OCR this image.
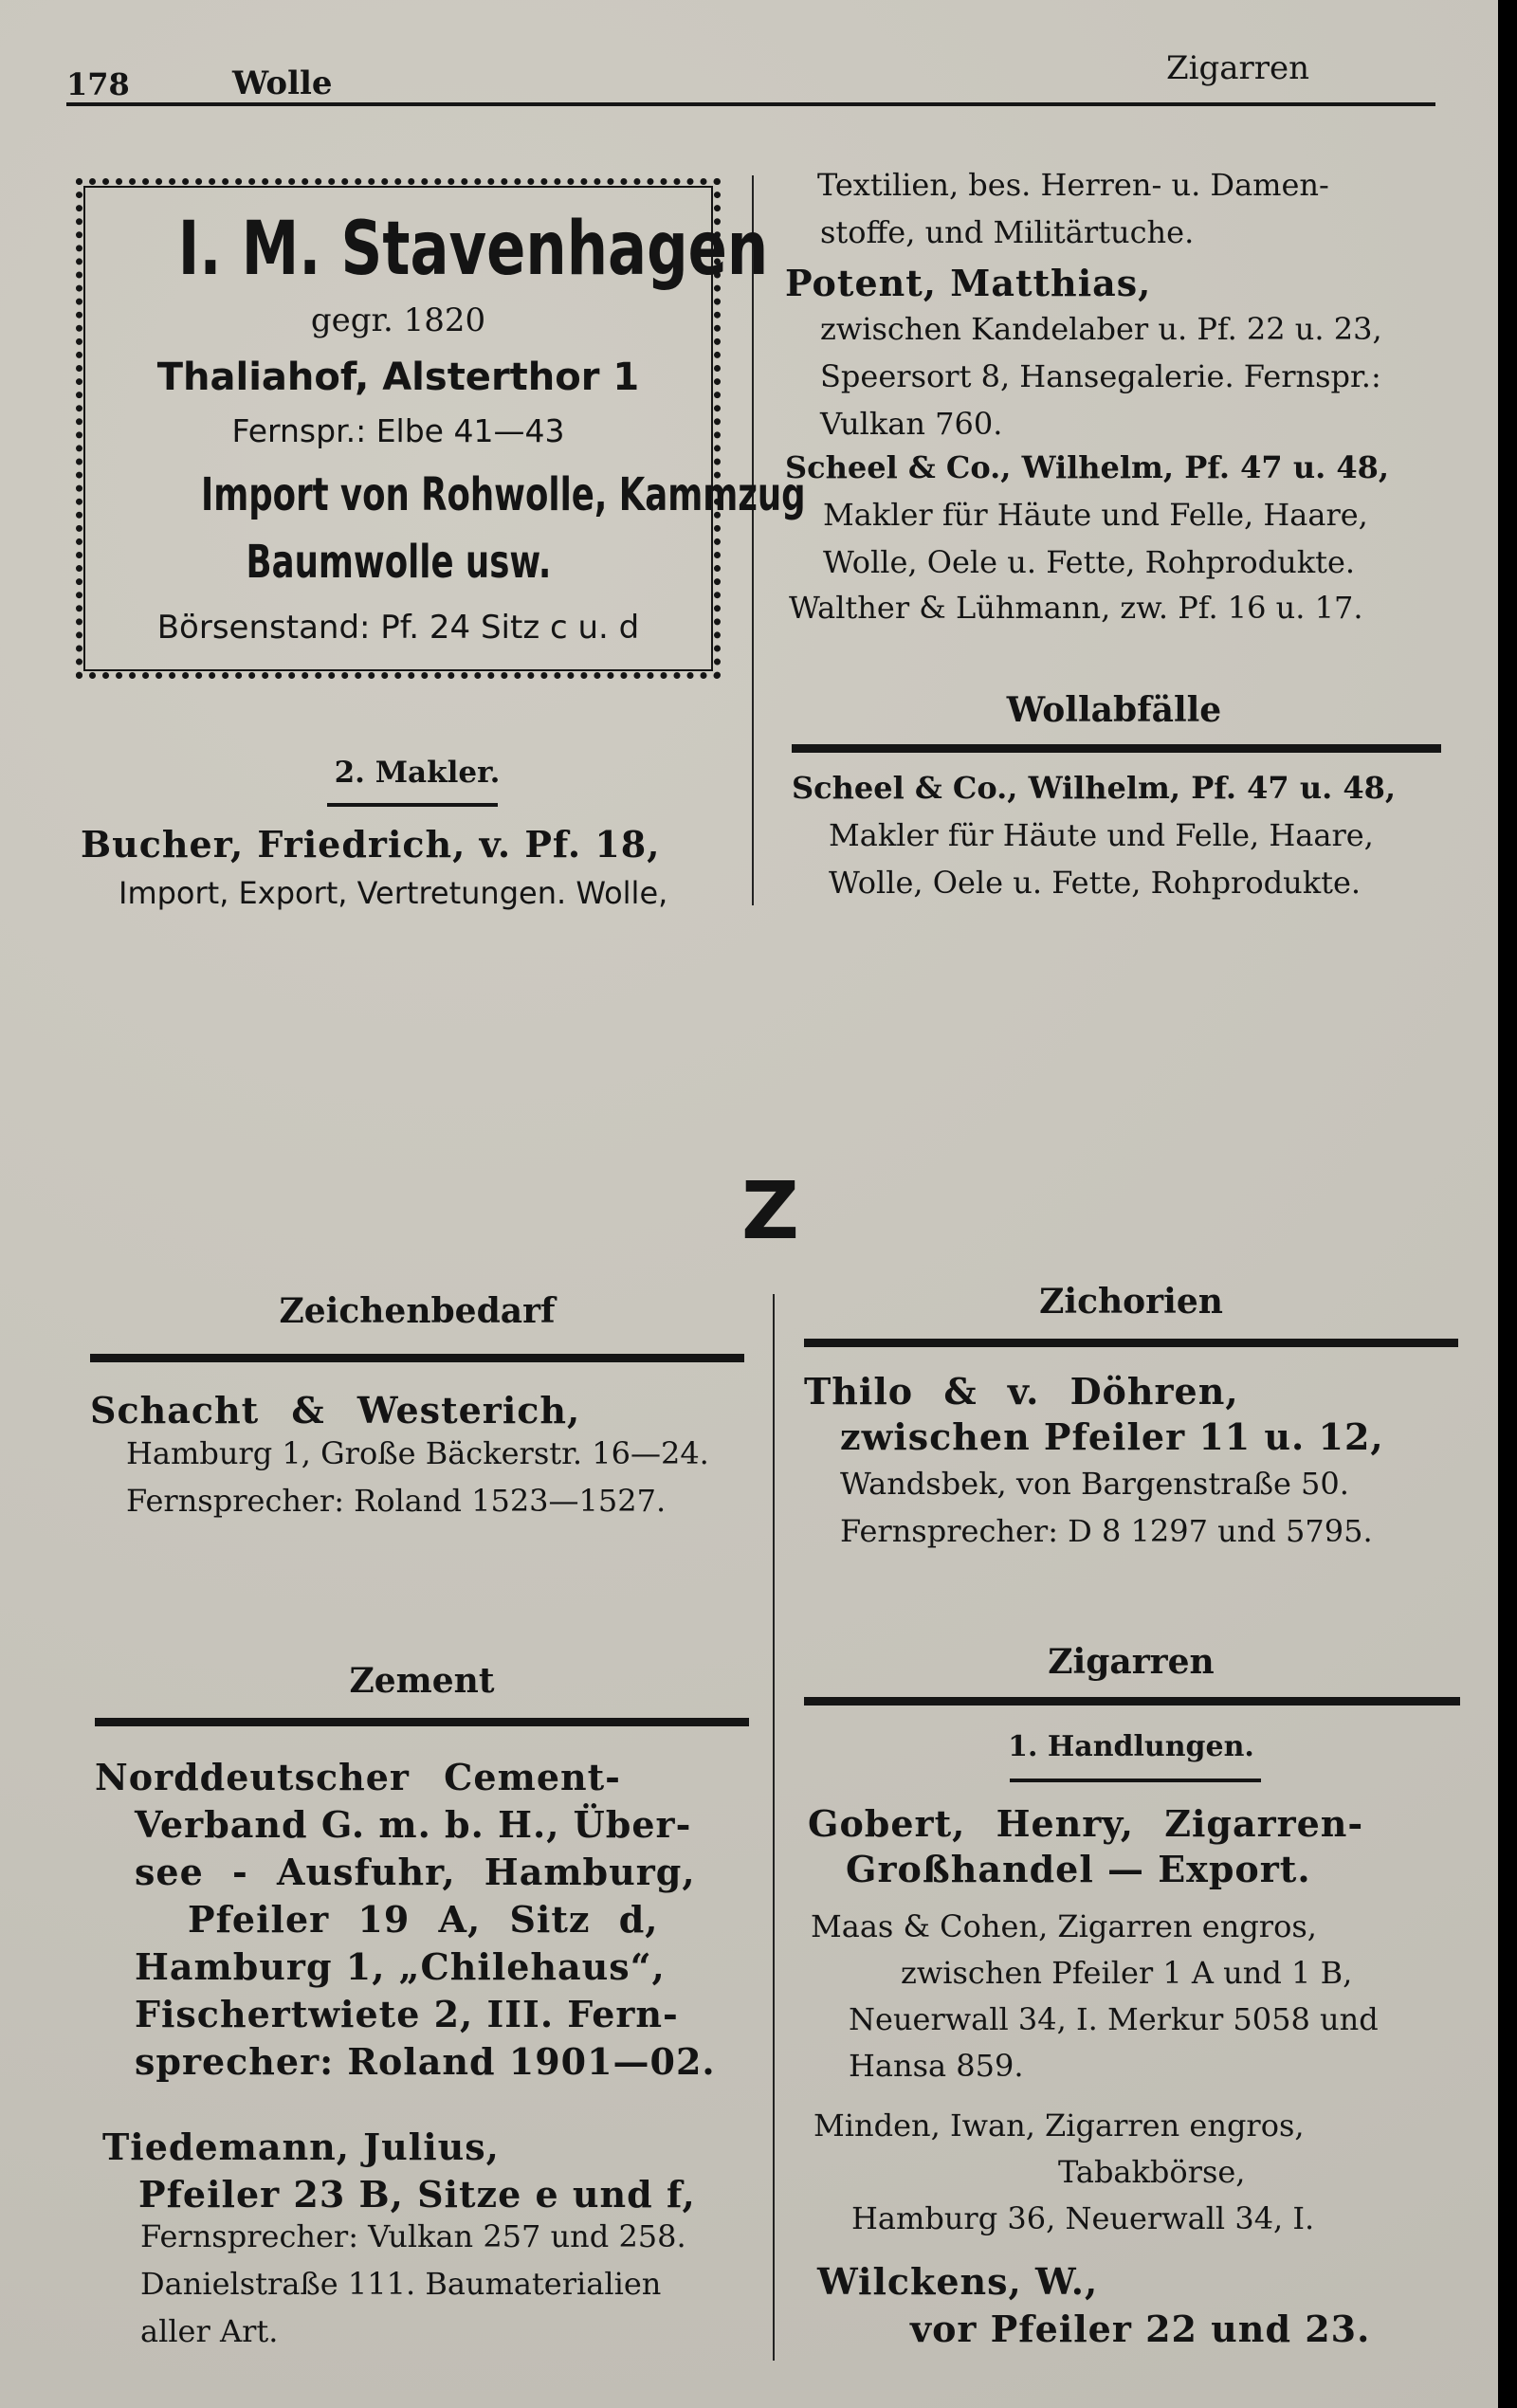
178	Wolle	Zigarren
I. M. Stavenhagen
gegr. 1820
Thaliahof, Alsterthor 1
Fernspr.: Elbe 41—43
Import von Rohwolle, Kammzug
Baumwolle usw.
Börsenstand: Pf. 24 Sitz c u. d
2. Makler.
Bucher, Friedrich, v. Pf. 18,
Import, Export, Vertretungen. Wolle,
Textilien, bes. Herren- u. Damen-
stoffe, und Militärtuche.
Potent, Matthias,
zwischen Kandelaber u. Pf. 22 u. 23,
Speersort 8, Hansegalerie. Fernspr.:
Vulkan 760.
Scheel & Co., Wilhelm, Pf. 47 u. 48,
Makler für Häute und Felle, Haare,
Wolle, Oele u. Fette, Rohprodukte.
Walther & Lühmann, zw. Pf. 16 u. 17.
Wollabfälle
Scheel & Co., Wilhelm, Pf. 47 u. 48,
Makler für Häute und Felle, Haare,
Wolle, Oele u. Fette, Rohprodukte.
Z
Zeichenbedarf
Schacht & Westerich,
Hamburg 1, Große Bäckerstr. 16—24.
Fernsprecher: Roland 1523—1527.
Zichorien
Thilo & v. Döhren,
zwischen Pfeiler 11 u. 12,
Wandsbek, von Bargenstraße 50.
Fernsprecher: D 8 1297 und 5795.
Zement
Norddeutscher Cement-
Verband G. m. b. H., Über-
see - Ausfuhr, Hamburg,
Pfeiler 19 A, Sitz d,
Hamburg 1, „Chilehaus“,
Fischertwiete 2, III. Fern-
sprecher: Roland 1901—02.
Tiedemann, Julius,
Pfeiler 23 B, Sitze e und f,
Fernsprecher: Vulkan 257 und 258.
Danielstraße 111. Baumaterialien
aller Art.
Zigarren
1. Handlungen.
Gobert, Henry, Zigarren-
Großhandel — Export.
Maas & Cohen, Zigarren engros,
zwischen Pfeiler 1 A und 1 B,
Neuerwall 34, I. Merkur 5058 und
Hansa 859.
Minden, Iwan, Zigarren engros,
Tabakbörse,
Hamburg 36, Neuerwall 34, I.
Wilckens, W.,
vor Pfeiler 22 und 23.
